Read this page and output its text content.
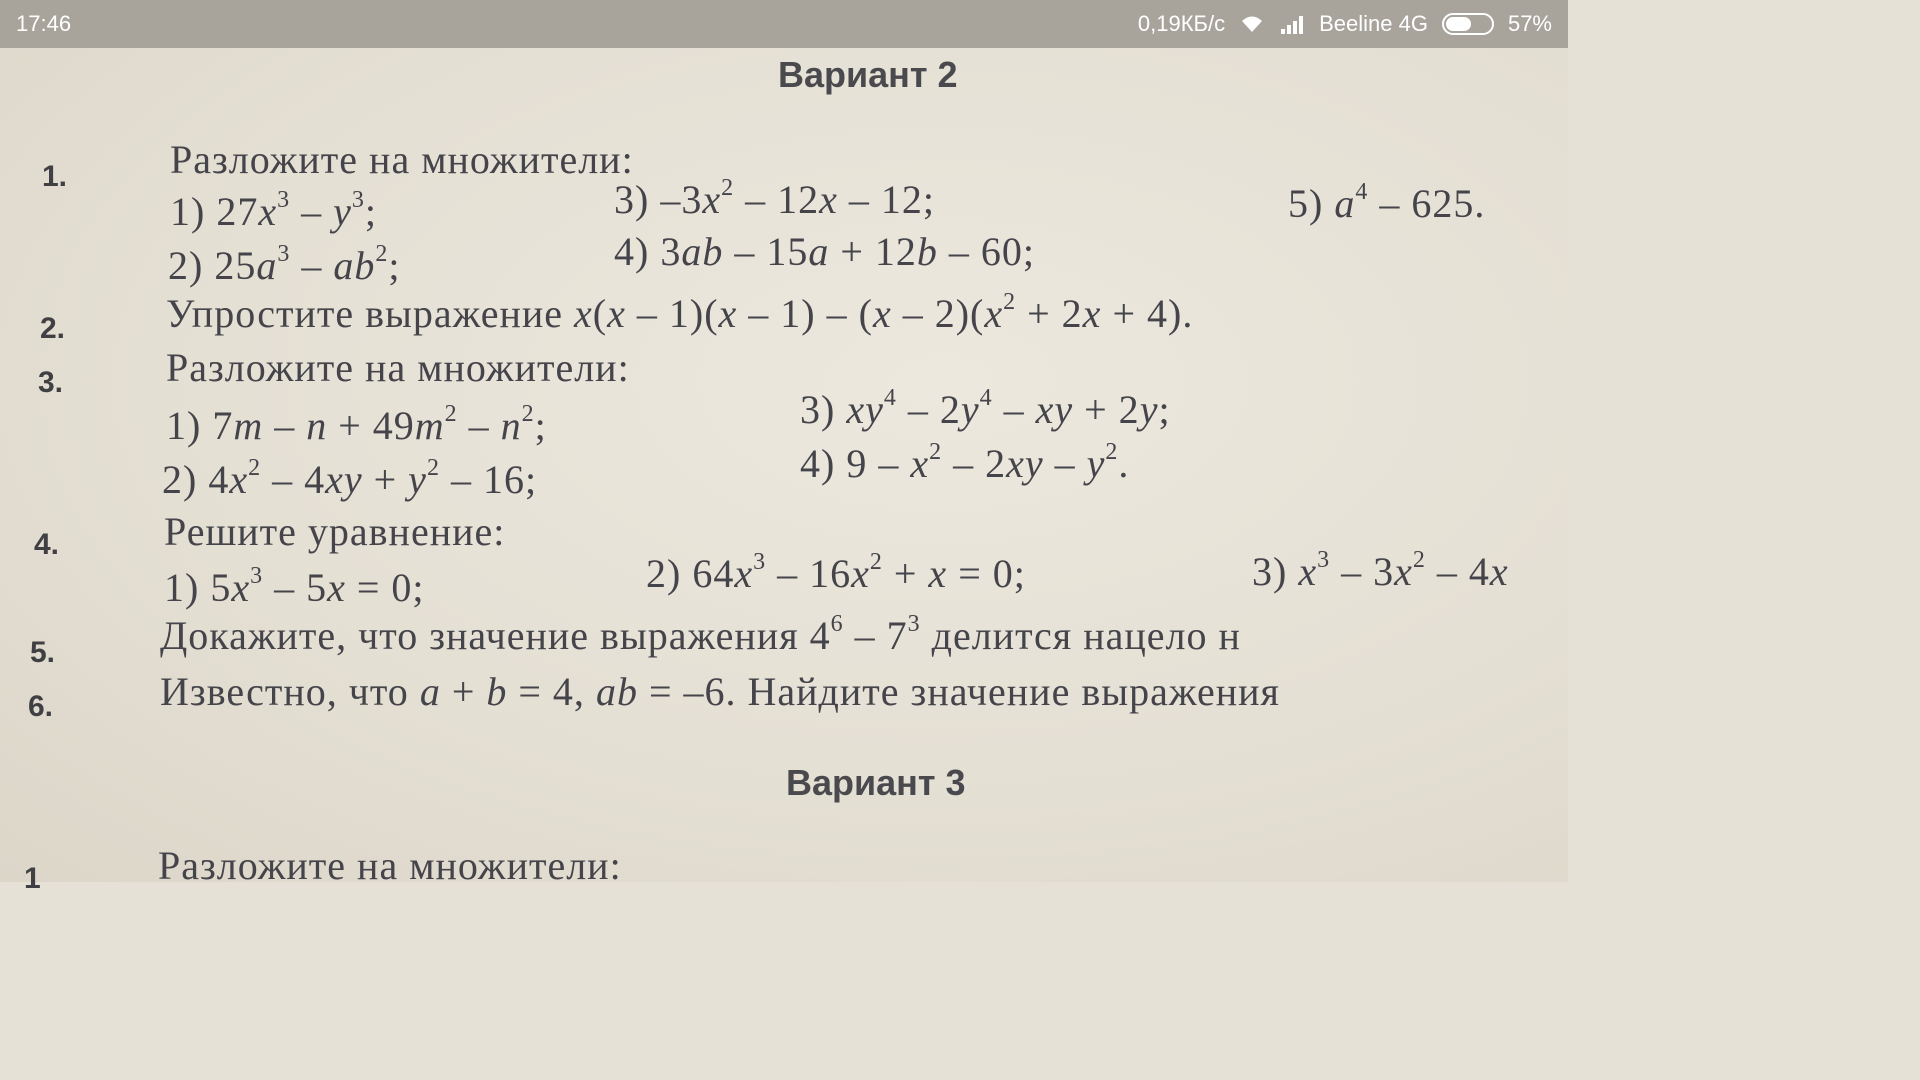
17:46	0,19КБ/с	Beeline 4G	57%
Вариант 2
1.	Разложите на множители:
1) $27x^3 - y^3$;
2) $25a^3 - ab^2$;
3) $-3x^2 - 12x - 12$;
4) 3ab – 15a + 12b – 60;
5) $a^4 - 625$.
2.	Упростите выражение $x(x - 1)(x - 1) - (x - 2)(x^2 + 2x + 4)$.
3.	Разложите на множители:
1) $7m - n + 49m^2 - n^2$;
2) $4x^2 - 4xy + y^2 - 16$;
3) $xy^4 - 2y^4$ – xy + 2y;
4) $9 - x^2 - 2xy - y^2$.
4.	Решите уравнение:
1) $5x^3 - 5x = 0$;	2) $64x^3 - 16x^2 + x = 0$;	3) $x^3 - 3x^2 - 4x$
5.	Докажите, что значение выражения $4^6 - 7^3$ делится нацело н
6.	Известно, что a + b = 4, ab = –6. Найдите значение выражения
Вариант 3
1	Разложите на множители:
